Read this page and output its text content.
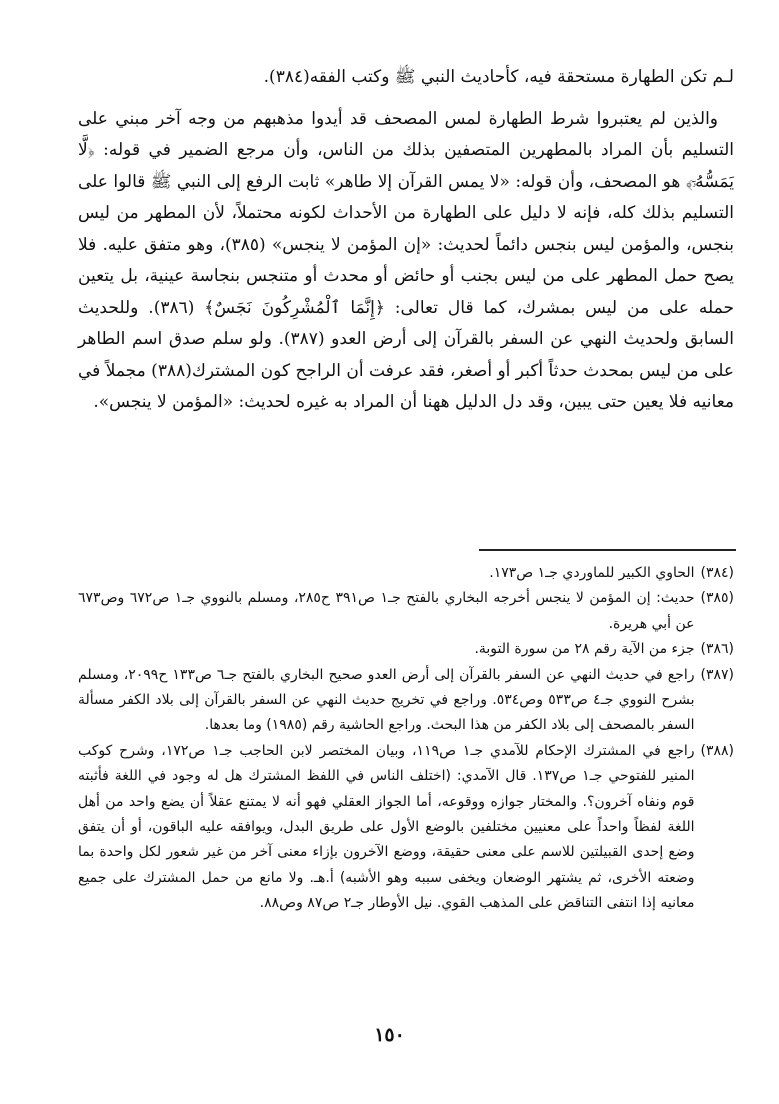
لـم تكن الطهارة مستحقة فيه، كأحاديث النبي ﷺ وكتب الفقه(٣٨٤).

والذين لم يعتبروا شرط الطهارة لمس المصحف قد أيدوا مذهبهم من وجه آخر مبني على التسليم بأن المراد بالمطهرين المتصفين بذلك من الناس، وأن مرجع الضمير في قوله: ﴿لَّا يَمَسُّهُۥٓ﴾ هو المصحف، وأن قوله: «لا يمس القرآن إلا طاهر» ثابت الرفع إلى النبي ﷺ قالوا على التسليم بذلك كله، فإنه لا دليل على الطهارة من الأحداث لكونه محتملاً، لأن المطهر من ليس بنجس، والمؤمن ليس بنجس دائماً لحديث: «إن المؤمن لا ينجس» (٣٨٥)، وهو متفق عليه. فلا يصح حمل المطهر على من ليس بجنب أو حائض أو محدث أو متنجس بنجاسة عينية، بل يتعين حمله على من ليس بمشرك، كما قال تعالى: ﴿إِنَّمَا ٱلْمُشْرِكُونَ نَجَسٌ﴾ (٣٨٦). وللحديث السابق ولحديث النهي عن السفر بالقرآن إلى أرض العدو (٣٨٧). ولو سلم صدق اسم الطاهر على من ليس بمحدث حدثاً أكبر أو أصغر، فقد عرفت أن الراجح كون المشترك(٣٨٨) مجملاً في معانيه فلا يعين حتى يبين، وقد دل الدليل ههنا أن المراد به غيره لحديث: «المؤمن لا ينجس».

(٣٨٤)
الحاوي الكبير للماوردي جـ١ ص١٧٣.
(٣٨٥)
حديث: إن المؤمن لا ينجس أخرجه البخاري بالفتح جـ١ ص٣٩١ ح٢٨٥، ومسلم بالنووي جـ١ ص٦٧٢ وص٦٧٣ عن أبي هريرة.
(٣٨٦)
جزء من الآية رقم ٢٨ من سورة التوبة.
(٣٨٧)
راجع في حديث النهي عن السفر بالقرآن إلى أرض العدو صحيح البخاري بالفتح جـ٦ ص١٣٣ ح٢٠٩٩، ومسلم بشرح النووي جـ٤ ص٥٣٣ وص٥٣٤. وراجع في تخريج حديث النهي عن السفر بالقرآن إلى بلاد الكفر مسألة السفر بالمصحف إلى بلاد الكفر من هذا البحث. وراجع الحاشية رقم (١٩٨٥) وما بعدها.
(٣٨٨)
راجع في المشترك الإحكام للآمدي جـ١ ص١١٩، وبيان المختصر لابن الحاجب جـ١ ص١٧٢، وشرح كوكب المنير للفتوحي جـ١ ص١٣٧. قال الآمدي: (اختلف الناس في اللفظ المشترك هل له وجود في اللغة فأثبته قوم ونفاه آخرون؟. والمختار جوازه ووقوعه، أما الجواز العقلي فهو أنه لا يمتنع عقلاً أن يضع واحد من أهل اللغة لفظاً واحداً على معنيين مختلفين بالوضع الأول على طريق البدل، ويوافقه عليه الباقون، أو أن يتفق وضع إحدى القبيلتين للاسم على معنى حقيقة، ووضع الآخرون بإزاء معنى آخر من غير شعور لكل واحدة بما وضعته الأخرى، ثم يشتهر الوضعان ويخفى سببه وهو الأشبه) أ.هـ. ولا مانع من حمل المشترك على جميع معانيه إذا انتفى التناقض على المذهب القوي. نيل الأوطار جـ٢ ص٨٧ وص٨٨.
١٥٠
